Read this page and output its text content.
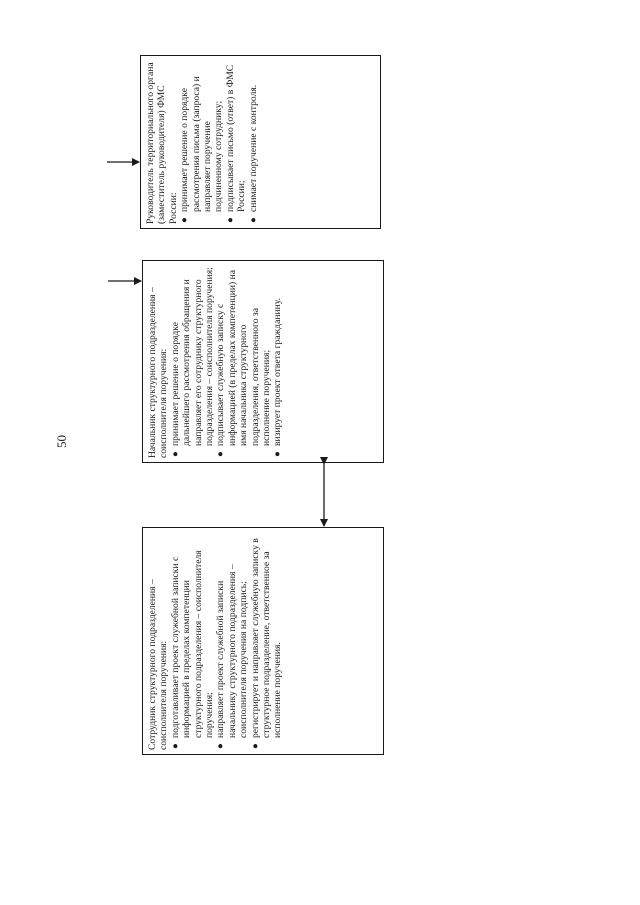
50

Руководитель территориального органа (заместитель руководителя) ФМС России: ●
принимает решение о порядке рассмотрения письма (запроса) и направляет поручение подчиненному сотруднику;
●
подписывает письмо (ответ) в ФМС России;
●
снимает поручение с контроля.

Начальник структурного подразделения – соисполнителя поручения: ●
принимает решение о порядке дальнейшего рассмотрения обращения и направляет его сотруднику структурного подразделения – соисполнителя поручения;
●
подписывает служебную записку с информацией (в пределах компетенции) на имя начальника структурного подразделения, ответственного за исполнение поручения;
●
визирует проект ответа гражданину.

Сотрудник структурного подразделения – соисполнителя поручения: ●
подготавливает проект служебной записки с информацией в пределах компетенции структурного подразделения – соисполнителя поручения;
●
направляет проект служебной записки начальнику структурного подразделения – соисполнителя поручения на подпись;
●
регистрирует и направляет служебную записку в структурное подразделение, ответственное за исполнение поручения.
